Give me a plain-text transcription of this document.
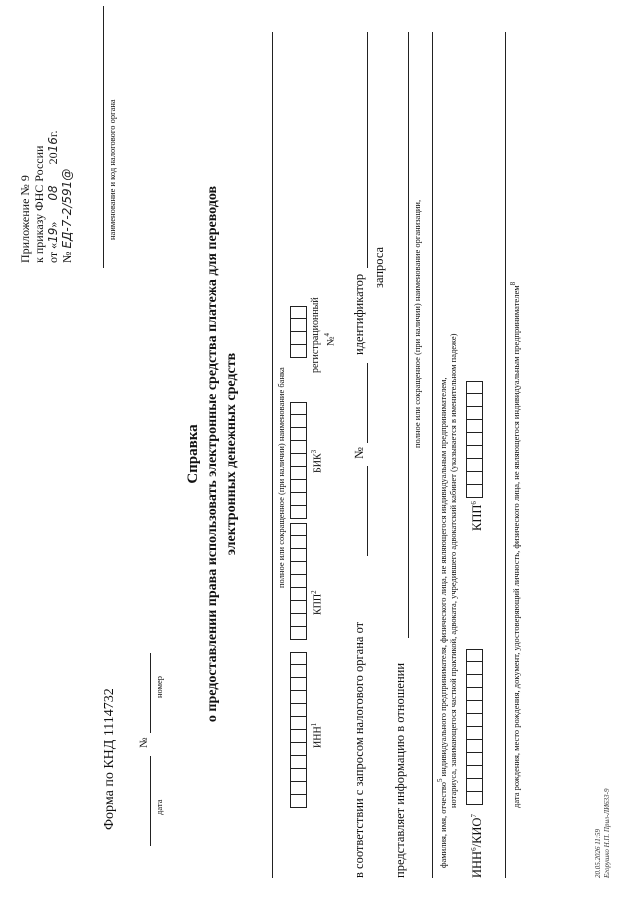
Приложение № 9 к приказу ФНС России от «19» 08 2016г.
№ ЕД-7-2/591@	наименование и код налогового органа
Форма по КНД 1114732	дата
№
номер
Справка о предоставлении права использовать электронные средства платежа для переводов электронных денежных средств	полное или сокращенное (при наличии) наименование банка
ИНН$^1$
КПП$^2$
БИК$^3$
регистрационный №$^4$
в соответствии с запросом налогового органа от
№
идентификатор
запроса
представляет информацию в отношении
полное или сокращенное (при наличии) наименование организации,
фамилия, имя, отчество$^5$ индивидуального предпринимателя, физического лица, не являющегося индивидуальным предпринимателем, нотариуса, занимающегося частной практикой, адвоката, учредившего адвокатский кабинет (указывается в именительном падеже)
ИНН$^6$/КИО$^7$
КПП$^6$	дата рождения, место рождения, документ, удостоверяющий личность, физического лица, не являющегося индивидуальным предпринимателем$^8$
20.05.2026 11:59 Егорушко Н.П. Прил-ЛИ633-9
